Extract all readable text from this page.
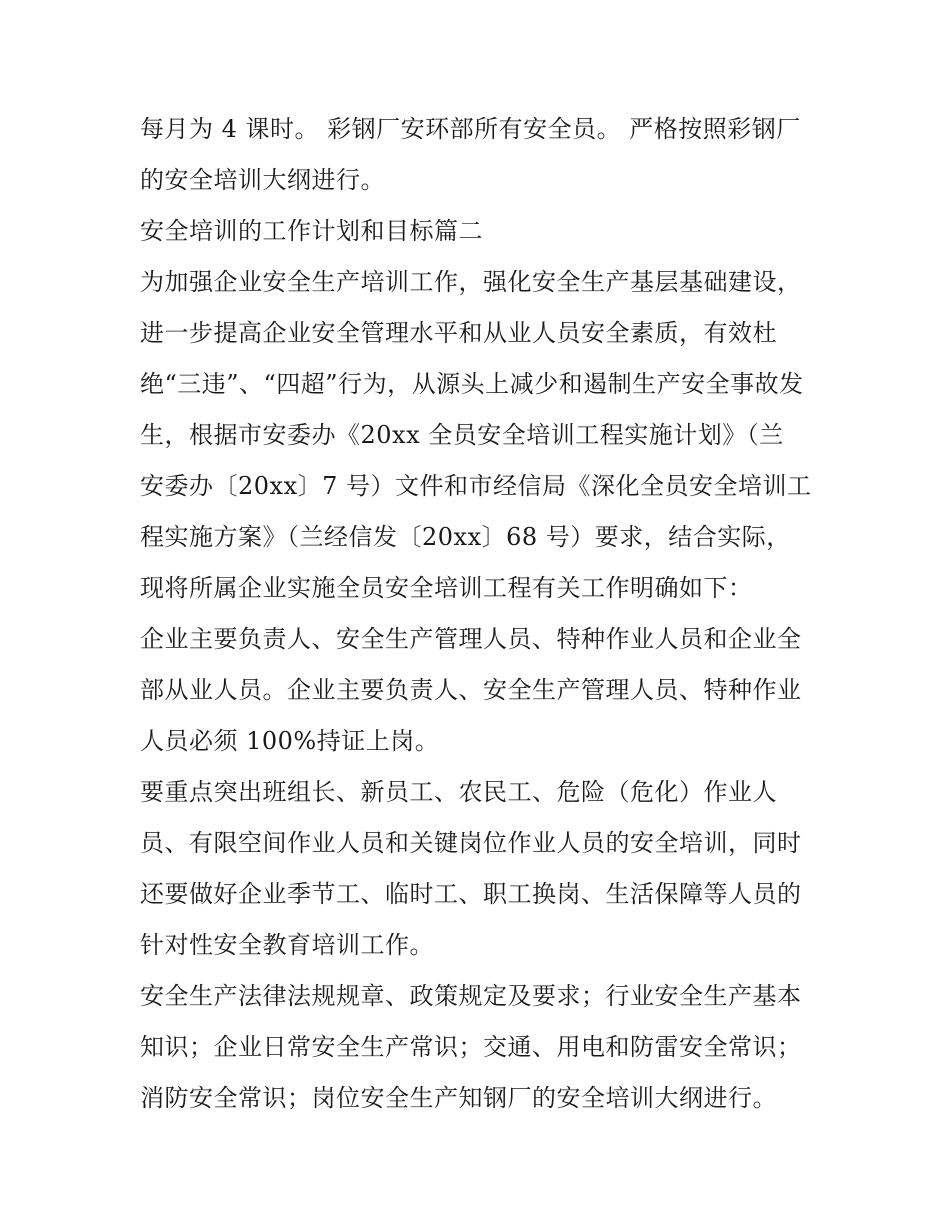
每月为 4 课时。 彩钢厂安环部所有安全员。 严格按照彩钢厂
的安全培训大纲进行。
安全培训的工作计划和目标篇二
为加强企业安全生产培训工作，强化安全生产基层基础建设，
进一步提高企业安全管理水平和从业人员安全素质，有效杜
绝“三违”、“四超”行为，从源头上减少和遏制生产安全事故发
生，根据市安委办《20xx 全员安全培训工程实施计划》（兰
安委办〔20xx〕7 号）文件和市经信局《深化全员安全培训工
程实施方案》（兰经信发〔20xx〕68 号）要求，结合实际，
现将所属企业实施全员安全培训工程有关工作明确如下：
企业主要负责人、安全生产管理人员、特种作业人员和企业全
部从业人员。企业主要负责人、安全生产管理人员、特种作业
人员必须 100%持证上岗。
要重点突出班组长、新员工、农民工、危险（危化）作业人
员、有限空间作业人员和关键岗位作业人员的安全培训，同时
还要做好企业季节工、临时工、职工换岗、生活保障等人员的
针对性安全教育培训工作。
安全生产法律法规规章、政策规定及要求；行业安全生产基本
知识；企业日常安全生产常识；交通、用电和防雷安全常识；
消防安全常识；岗位安全生产知钢厂的安全培训大纲进行。
